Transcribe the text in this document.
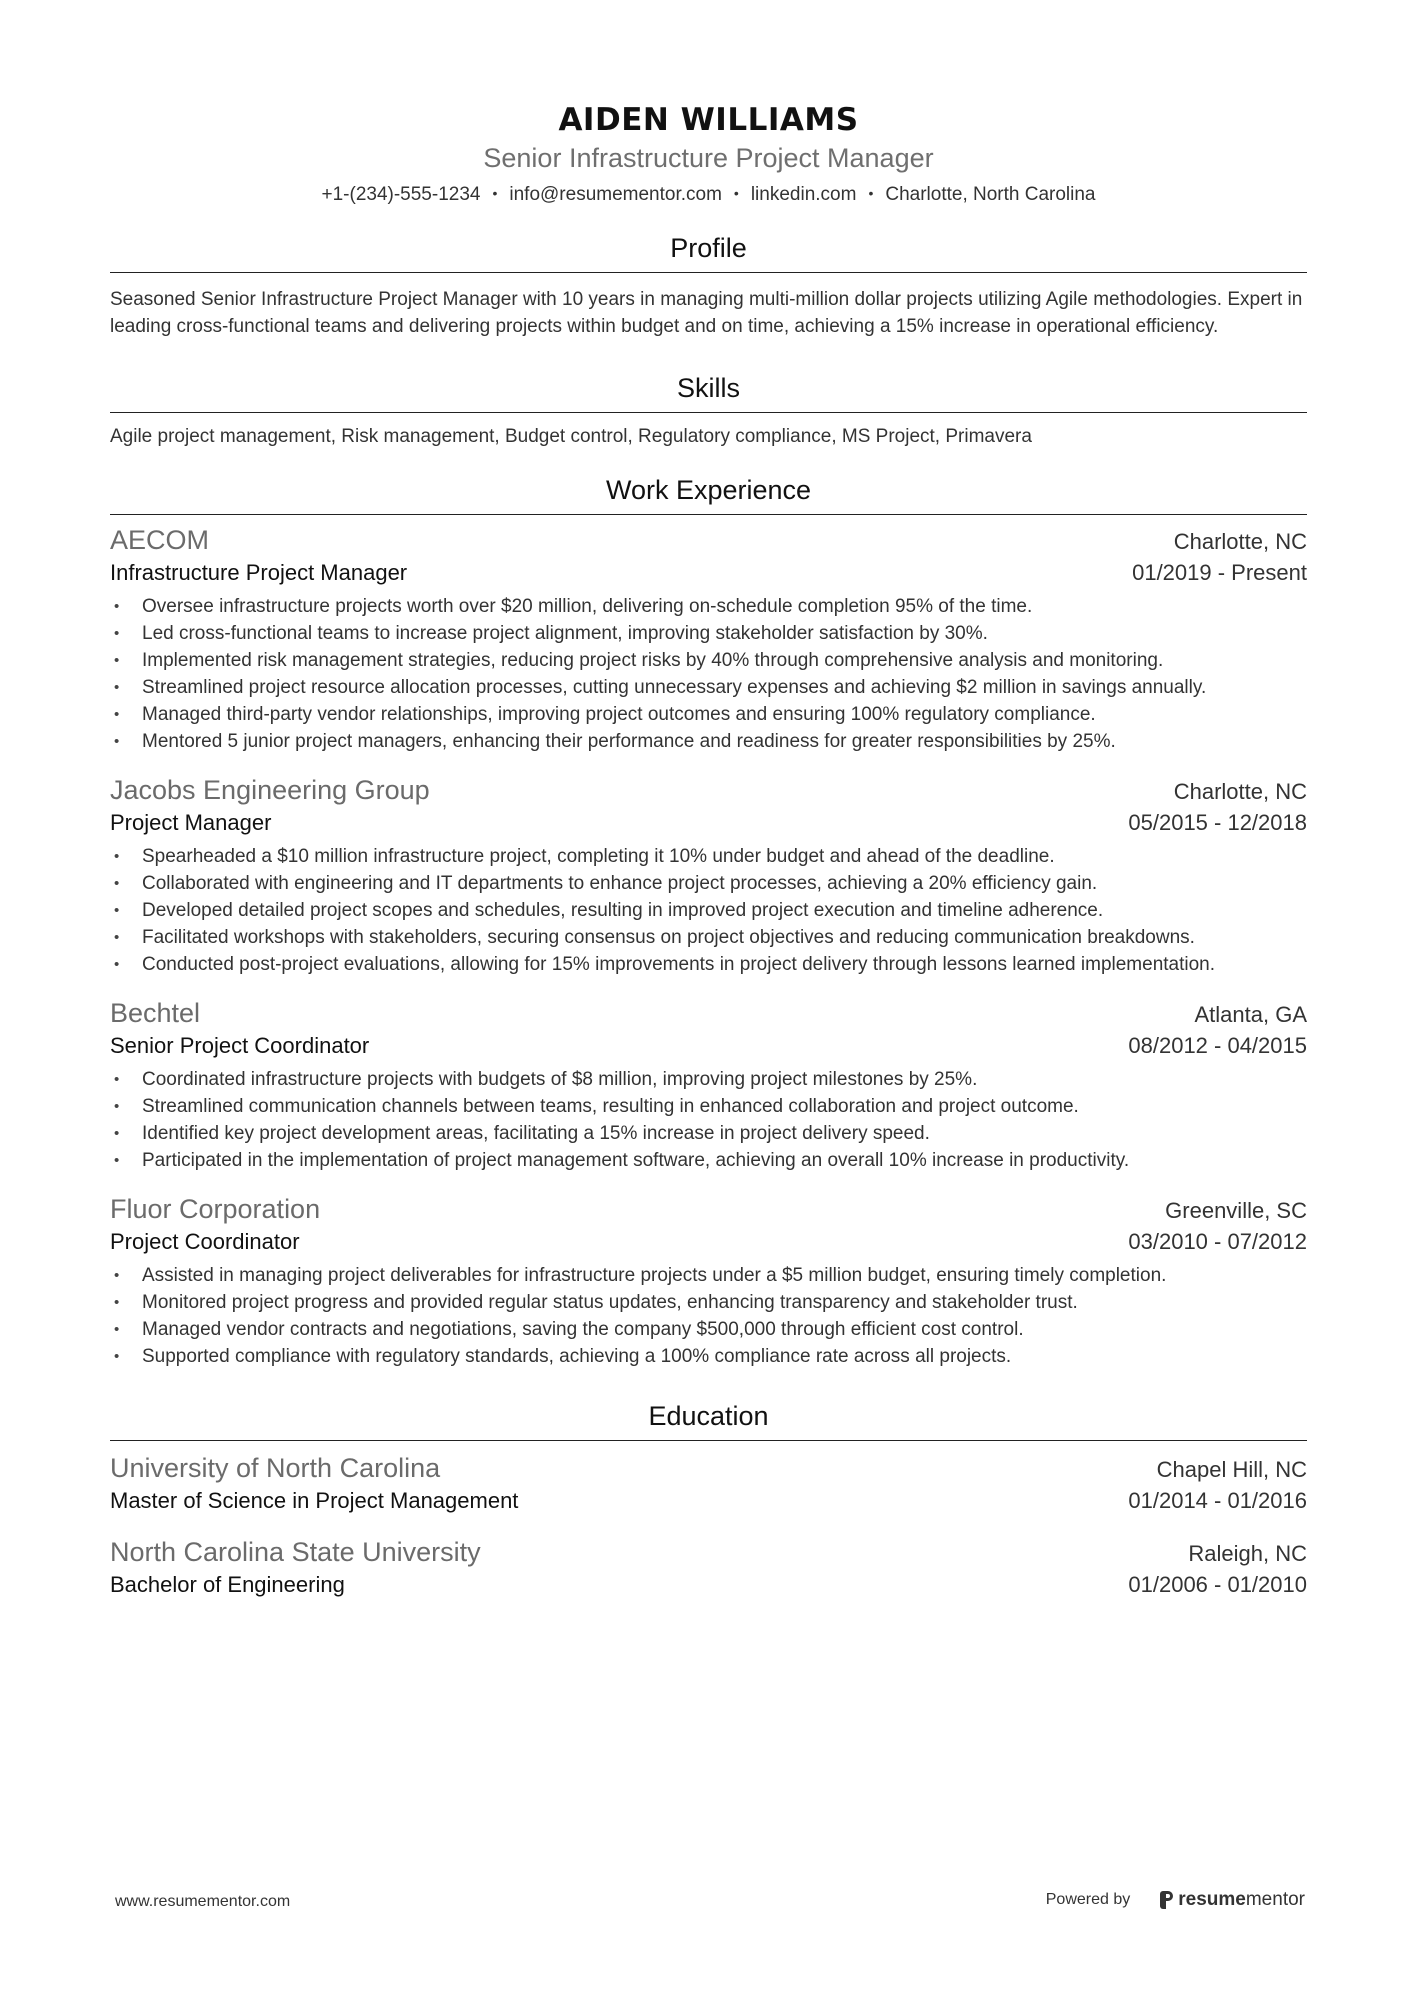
AIDEN WILLIAMS
Senior Infrastructure Project Manager
+1-(234)-555-1234 • info@resumementor.com • linkedin.com • Charlotte, North Carolina
Profile
Seasoned Senior Infrastructure Project Manager with 10 years in managing multi-million dollar projects utilizing Agile methodologies. Expert in leading cross-functional teams and delivering projects within budget and on time, achieving a 15% increase in operational efficiency.
Skills
Agile project management, Risk management, Budget control, Regulatory compliance, MS Project, Primavera
Work Experience
AECOM	Charlotte, NC
Infrastructure Project Manager	01/2019 - Present
• Oversee infrastructure projects worth over $20 million, delivering on-schedule completion 95% of the time.
• Led cross-functional teams to increase project alignment, improving stakeholder satisfaction by 30%.
• Implemented risk management strategies, reducing project risks by 40% through comprehensive analysis and monitoring.
• Streamlined project resource allocation processes, cutting unnecessary expenses and achieving $2 million in savings annually.
• Managed third-party vendor relationships, improving project outcomes and ensuring 100% regulatory compliance.
• Mentored 5 junior project managers, enhancing their performance and readiness for greater responsibilities by 25%.
Jacobs Engineering Group	Charlotte, NC
Project Manager	05/2015 - 12/2018
• Spearheaded a $10 million infrastructure project, completing it 10% under budget and ahead of the deadline.
• Collaborated with engineering and IT departments to enhance project processes, achieving a 20% efficiency gain.
• Developed detailed project scopes and schedules, resulting in improved project execution and timeline adherence.
• Facilitated workshops with stakeholders, securing consensus on project objectives and reducing communication breakdowns.
• Conducted post-project evaluations, allowing for 15% improvements in project delivery through lessons learned implementation.
Bechtel	Atlanta, GA
Senior Project Coordinator	08/2012 - 04/2015
• Coordinated infrastructure projects with budgets of $8 million, improving project milestones by 25%.
• Streamlined communication channels between teams, resulting in enhanced collaboration and project outcome.
• Identified key project development areas, facilitating a 15% increase in project delivery speed.
• Participated in the implementation of project management software, achieving an overall 10% increase in productivity.
Fluor Corporation	Greenville, SC
Project Coordinator	03/2010 - 07/2012
• Assisted in managing project deliverables for infrastructure projects under a $5 million budget, ensuring timely completion.
• Monitored project progress and provided regular status updates, enhancing transparency and stakeholder trust.
• Managed vendor contracts and negotiations, saving the company $500,000 through efficient cost control.
• Supported compliance with regulatory standards, achieving a 100% compliance rate across all projects.
Education
University of North Carolina	Chapel Hill, NC
Master of Science in Project Management	01/2014 - 01/2016
North Carolina State University	Raleigh, NC
Bachelor of Engineering	01/2006 - 01/2010
www.resumementor.com	Powered by	resume mentor
